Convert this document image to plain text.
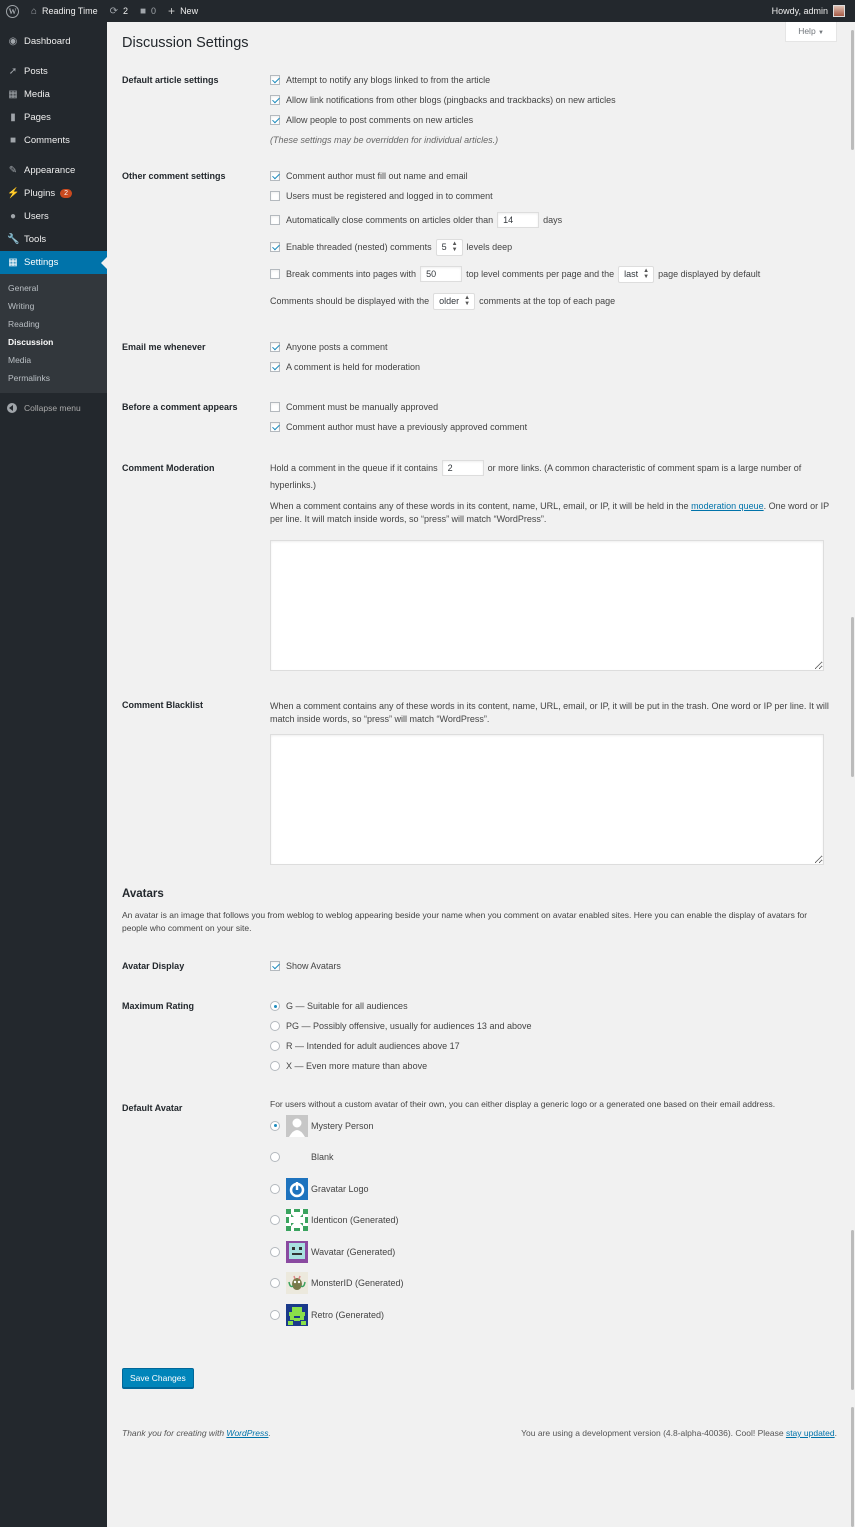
W ⌂ Reading Time ⟳ 2 ■ 0 + New	Howdy, admin
◉ Dashboard
➚ Posts
▦ Media
▮ Pages
■ Comments
✎ Appearance
⚡ Plugins	2
● Users
🔧 Tools
▦ Settings
General
Writing
Reading
Discussion
Media
Permalinks
Collapse menu
Help ▼
Discussion Settings
Default article settings	Attempt to notify any blogs linked to from the article
Allow link notifications from other blogs (pingbacks and trackbacks) on new articles
Allow people to post comments on new articles
(These settings may be overridden for individual articles.)
Other comment settings	Comment author must fill out name and email
Users must be registered and logged in to comment
Automatically close comments on articles older than	14	days
Enable threaded (nested) comments 5 ▲
▼ levels deep
Break comments into pages with	50	top level comments per page and the last ▲
▼ page displayed by default
Comments should be displayed with the older ▲
▼ comments at the top of each page
Email me whenever	Anyone posts a comment
A comment is held for moderation
Before a comment appears	Comment must be manually approved
Comment author must have a previously approved comment
Comment Moderation	Hold a comment in the queue if it contains 2	or more links. (A common characteristic of comment spam is a large number of hyperlinks.)
When a comment contains any of these words in its content, name, URL, email, or IP, it will be held in the moderation queue. One word or IP per line. It will match inside words, so “press” will match “WordPress”.
Comment Blacklist	When a comment contains any of these words in its content, name, URL, email, or IP, it will be put in the trash. One word or IP per line. It will match inside words, so “press” will match “WordPress”.
Avatars
An avatar is an image that follows you from weblog to weblog appearing beside your name when you comment on avatar enabled sites. Here you can enable the display of avatars for people who comment on your site.
Avatar Display	Show Avatars
Maximum Rating	G — Suitable for all audiences
PG — Possibly offensive, usually for audiences 13 and above
R — Intended for adult audiences above 17
X — Even more mature than above
Default Avatar	For users without a custom avatar of their own, you can either display a generic logo or a generated one based on their email address.
Mystery Person
Blank
Gravatar Logo
Identicon (Generated)
Wavatar (Generated)
MonsterID (Generated)
Retro (Generated)
Save Changes
Thank you for creating with WordPress.	You are using a development version (4.8-alpha-40036). Cool! Please stay updated.
